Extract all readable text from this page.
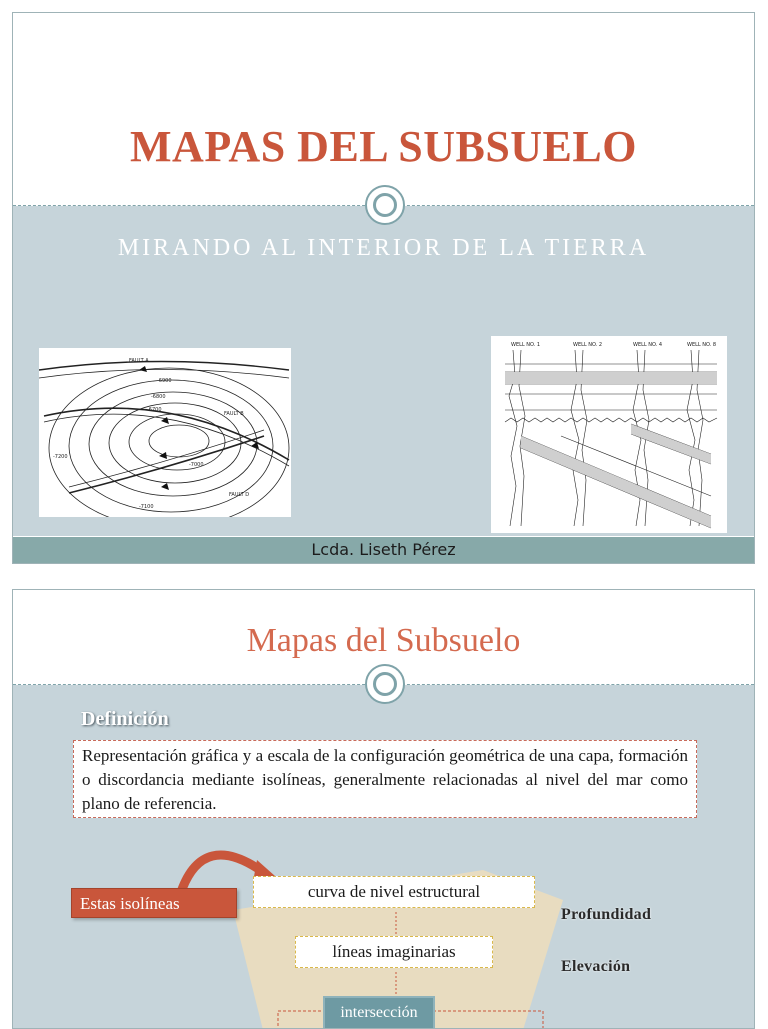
MAPAS DEL SUBSUELO
MIRANDO AL INTERIOR DE LA TIERRA
FAULT A
FAULT B
FAULT D
-6900
-7000
-7100
-6800
-6700
-7200
WELL NO. 1	WELL NO. 2	WELL NO. 4	WELL NO. 8
Lcda. Liseth Pérez
Mapas del Subsuelo
Definición
Representación gráfica y a escala de la configuración geométrica de una capa, formación o discordancia mediante isolíneas, generalmente relacionadas al nivel del mar como plano de referencia.
Estas isolíneas
curva de nivel estructural
líneas imaginarias
intersección
Profundidad
Elevación
